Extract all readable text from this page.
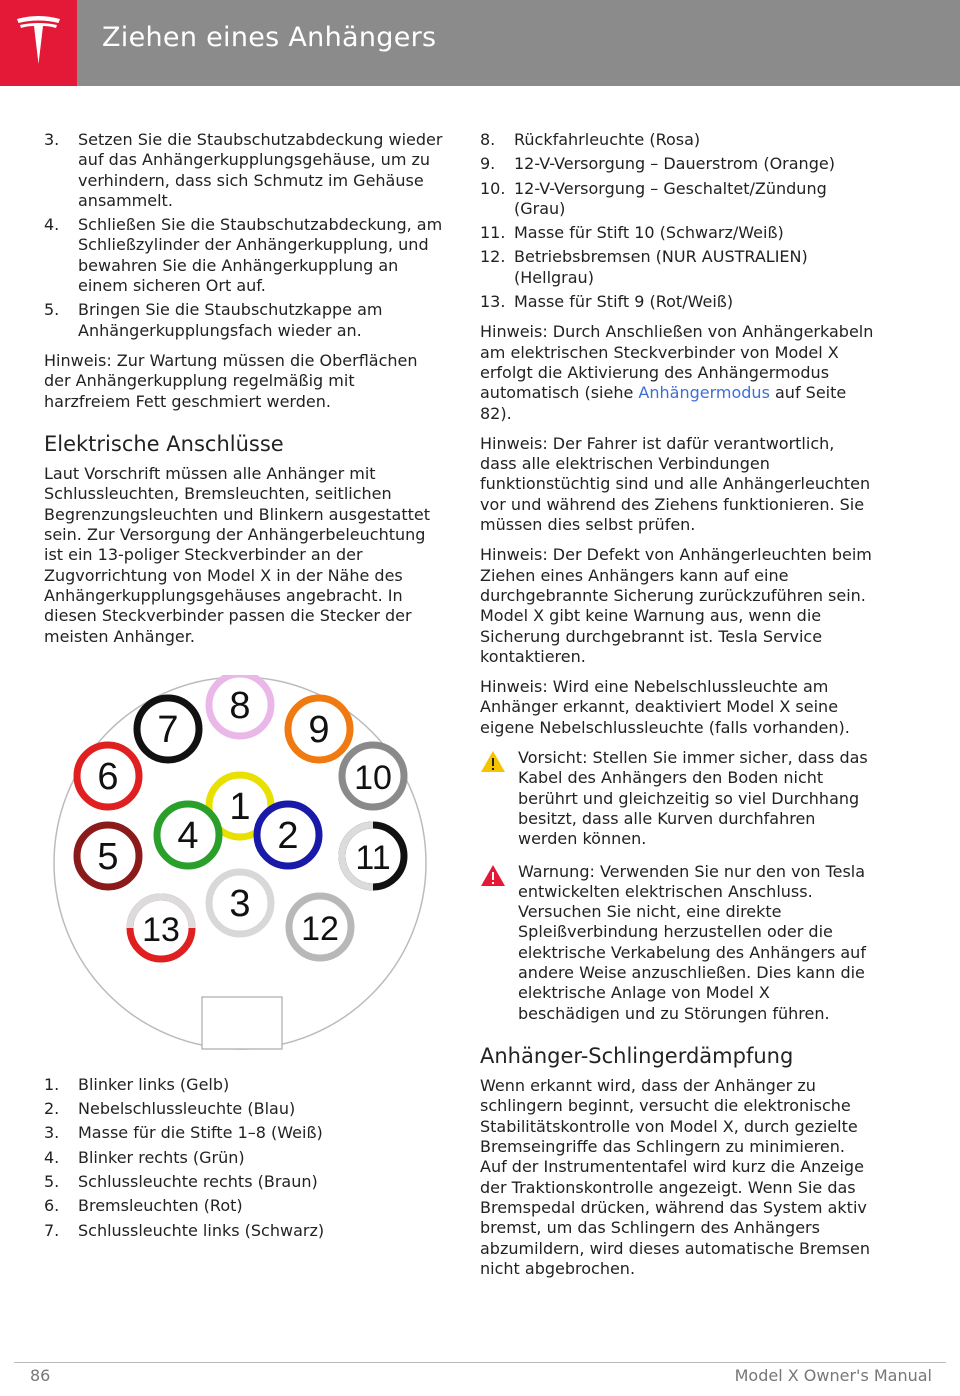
Ziehen eines Anhängers
3. Setzen Sie die Staubschutzabdeckung wieder auf das Anhängerkupplungsgehäuse, um zu verhindern, dass sich Schmutz im Gehäuse ansammelt.
4. Schließen Sie die Staubschutzabdeckung, am Schließzylinder der Anhängerkupplung, und bewahren Sie die Anhängerkupplung an einem sicheren Ort auf.
5. Bringen Sie die Staubschutzkappe am Anhängerkupplungsfach wieder an.

Hinweis: Zur Wartung müssen die Oberflächen der Anhängerkupplung regelmäßig mit harzfreiem Fett geschmiert werden.

Elektrische Anschlüsse

Laut Vorschrift müssen alle Anhänger mit Schlussleuchten, Bremsleuchten, seitlichen Begrenzungsleuchten und Blinkern ausgestattet sein. Zur Versorgung der Anhängerbeleuchtung ist ein 13-poliger Steckverbinder an der Zugvorrichtung von Model X in der Nähe des Anhängerkupplungsgehäuses angebracht. In diesen Steckverbinder passen die Stecker der meisten Anhänger.

1
2
3
4
5
6
7
8
9
10
11
12
13
1. Blinker links (Gelb)
2. Nebelschlussleuchte (Blau)
3. Masse für die Stifte 1–8 (Weiß)
4. Blinker rechts (Grün)
5. Schlussleuchte rechts (Braun)
6. Bremsleuchten (Rot)
7. Schlussleuchte links (Schwarz)
8. Rückfahrleuchte (Rosa)
9. 12-V-Versorgung – Dauerstrom (Orange)
10. 12-V-Versorgung – Geschaltet/Zündung (Grau)
11. Masse für Stift 10 (Schwarz/Weiß)
12. Betriebsbremsen (NUR AUSTRALIEN) (Hellgrau)
13. Masse für Stift 9 (Rot/Weiß)

Hinweis: Durch Anschließen von Anhängerkabeln am elektrischen Steckverbinder von Model X erfolgt die Aktivierung des Anhängermodus automatisch (siehe Anhängermodus auf Seite 82).

Hinweis: Der Fahrer ist dafür verantwortlich, dass alle elektrischen Verbindungen funktionstüchtig sind und alle Anhängerleuchten vor und während des Ziehens funktionieren. Sie müssen dies selbst prüfen.

Hinweis: Der Defekt von Anhängerleuchten beim Ziehen eines Anhängers kann auf eine durchgebrannte Sicherung zurückzuführen sein. Model X gibt keine Warnung aus, wenn die Sicherung durchgebrannt ist. Tesla Service kontaktieren.

Hinweis: Wird eine Nebelschlussleuchte am Anhänger erkannt, deaktiviert Model X seine eigene Nebelschlussleuchte (falls vorhanden).

Vorsicht: Stellen Sie immer sicher, dass das Kabel des Anhängers den Boden nicht berührt und gleichzeitig so viel Durchhang besitzt, dass alle Kurven durchfahren werden können.
Warnung: Verwenden Sie nur den von Tesla entwickelten elektrischen Anschluss. Versuchen Sie nicht, eine direkte Spleißverbindung herzustellen oder die elektrische Verkabelung des Anhängers auf andere Weise anzuschließen. Dies kann die elektrische Anlage von Model X beschädigen und zu Störungen führen.
Anhänger-Schlingerdämpfung

Wenn erkannt wird, dass der Anhänger zu schlingern beginnt, versucht die elektronische Stabilitätskontrolle von Model X, durch gezielte Bremseingriffe das Schlingern zu minimieren. Auf der Instrumententafel wird kurz die Anzeige der Traktionskontrolle angezeigt. Wenn Sie das Bremspedal drücken, während das System aktiv bremst, um das Schlingern des Anhängers abzumildern, wird dieses automatische Bremsen nicht abgebrochen.

86	Model X Owner's Manual
